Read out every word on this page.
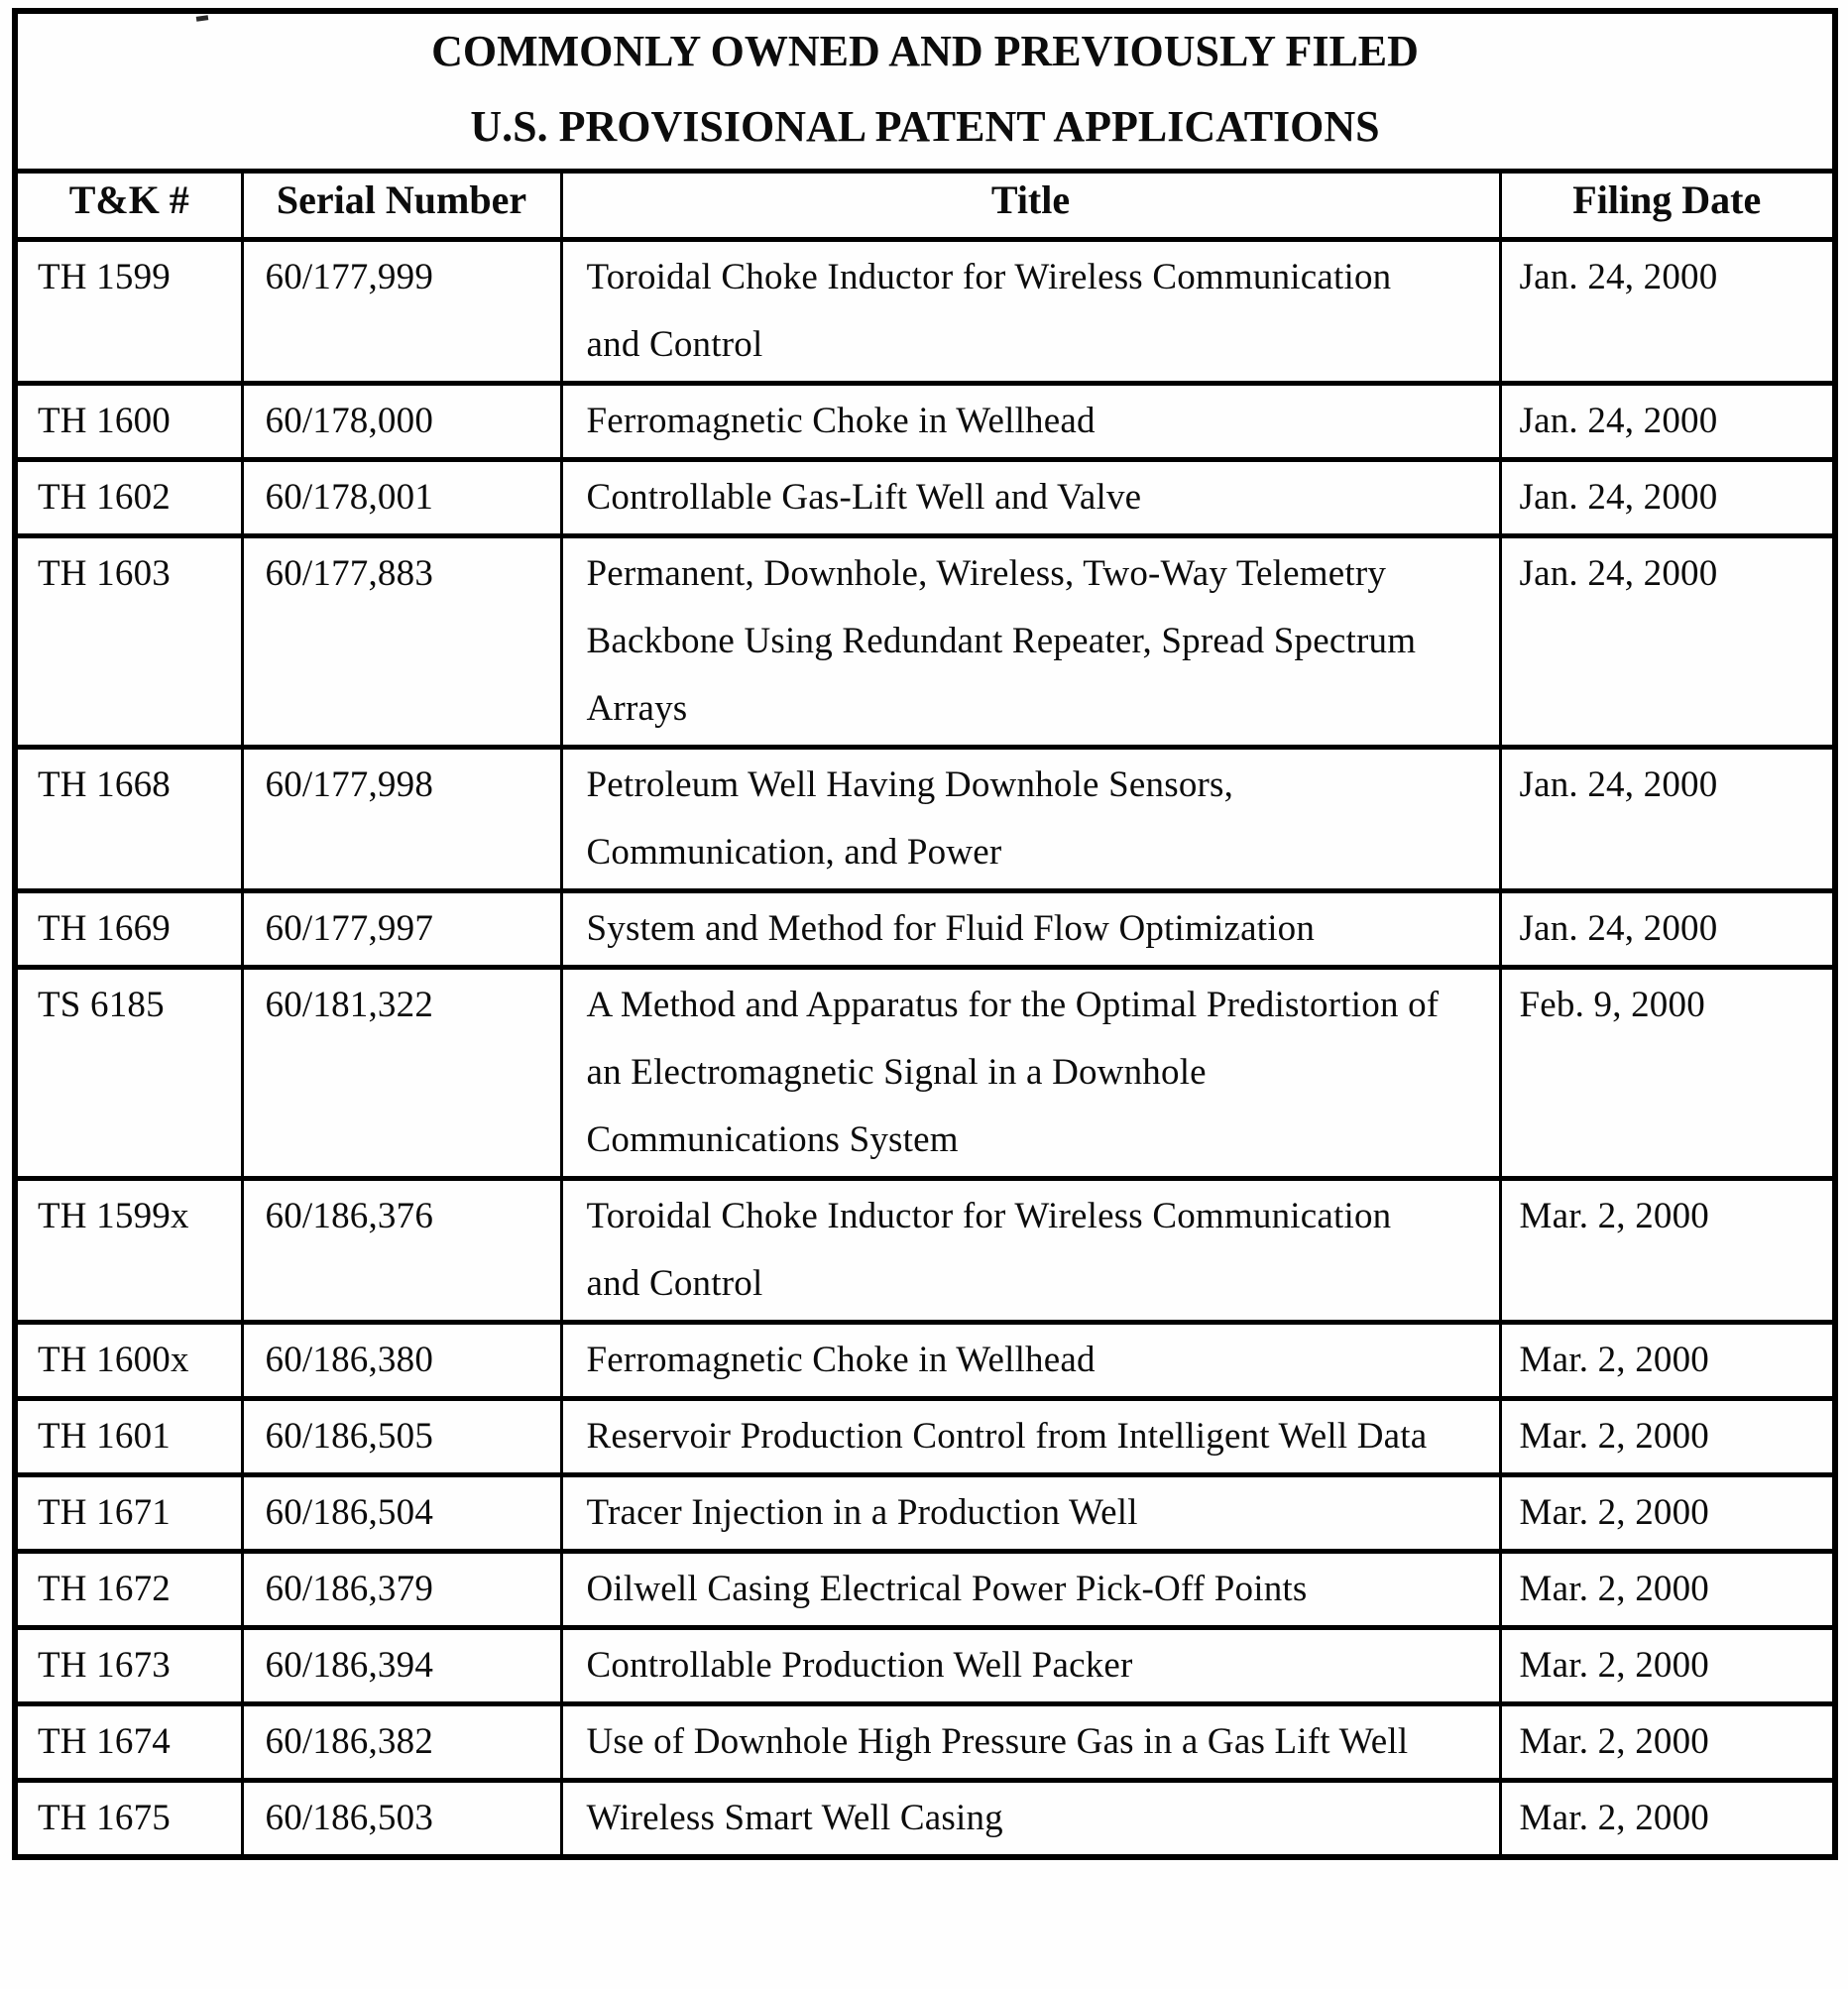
COMMONLY OWNED AND PREVIOUSLY FILED
U.S. PROVISIONAL PATENT APPLICATIONS			

T&K #	Serial Number	Title	Filing Date
TH 1599	60/177,999	Toroidal Choke Inductor for Wireless Communication and Control	Jan. 24, 2000
TH 1600	60/178,000	Ferromagnetic Choke in Wellhead	Jan. 24, 2000
TH 1602	60/178,001	Controllable Gas-Lift Well and Valve	Jan. 24, 2000
TH 1603	60/177,883	Permanent, Downhole, Wireless, Two-Way Telemetry Backbone Using Redundant Repeater, Spread Spectrum Arrays	Jan. 24, 2000
TH 1668	60/177,998	Petroleum Well Having Downhole Sensors, Communication, and Power	Jan. 24, 2000
TH 1669	60/177,997	System and Method for Fluid Flow Optimization	Jan. 24, 2000
TS 6185	60/181,322	A Method and Apparatus for the Optimal Predistortion of an Electromagnetic Signal in a Downhole Communications System	Feb. 9, 2000
TH 1599x	60/186,376	Toroidal Choke Inductor for Wireless Communication and Control	Mar. 2, 2000
TH 1600x	60/186,380	Ferromagnetic Choke in Wellhead	Mar. 2, 2000
TH 1601	60/186,505	Reservoir Production Control from Intelligent Well Data	Mar. 2, 2000
TH 1671	60/186,504	Tracer Injection in a Production Well	Mar. 2, 2000
TH 1672	60/186,379	Oilwell Casing Electrical Power Pick-Off Points	Mar. 2, 2000
TH 1673	60/186,394	Controllable Production Well Packer	Mar. 2, 2000
TH 1674	60/186,382	Use of Downhole High Pressure Gas in a Gas Lift Well	Mar. 2, 2000
TH 1675	60/186,503	Wireless Smart Well Casing	Mar. 2, 2000
